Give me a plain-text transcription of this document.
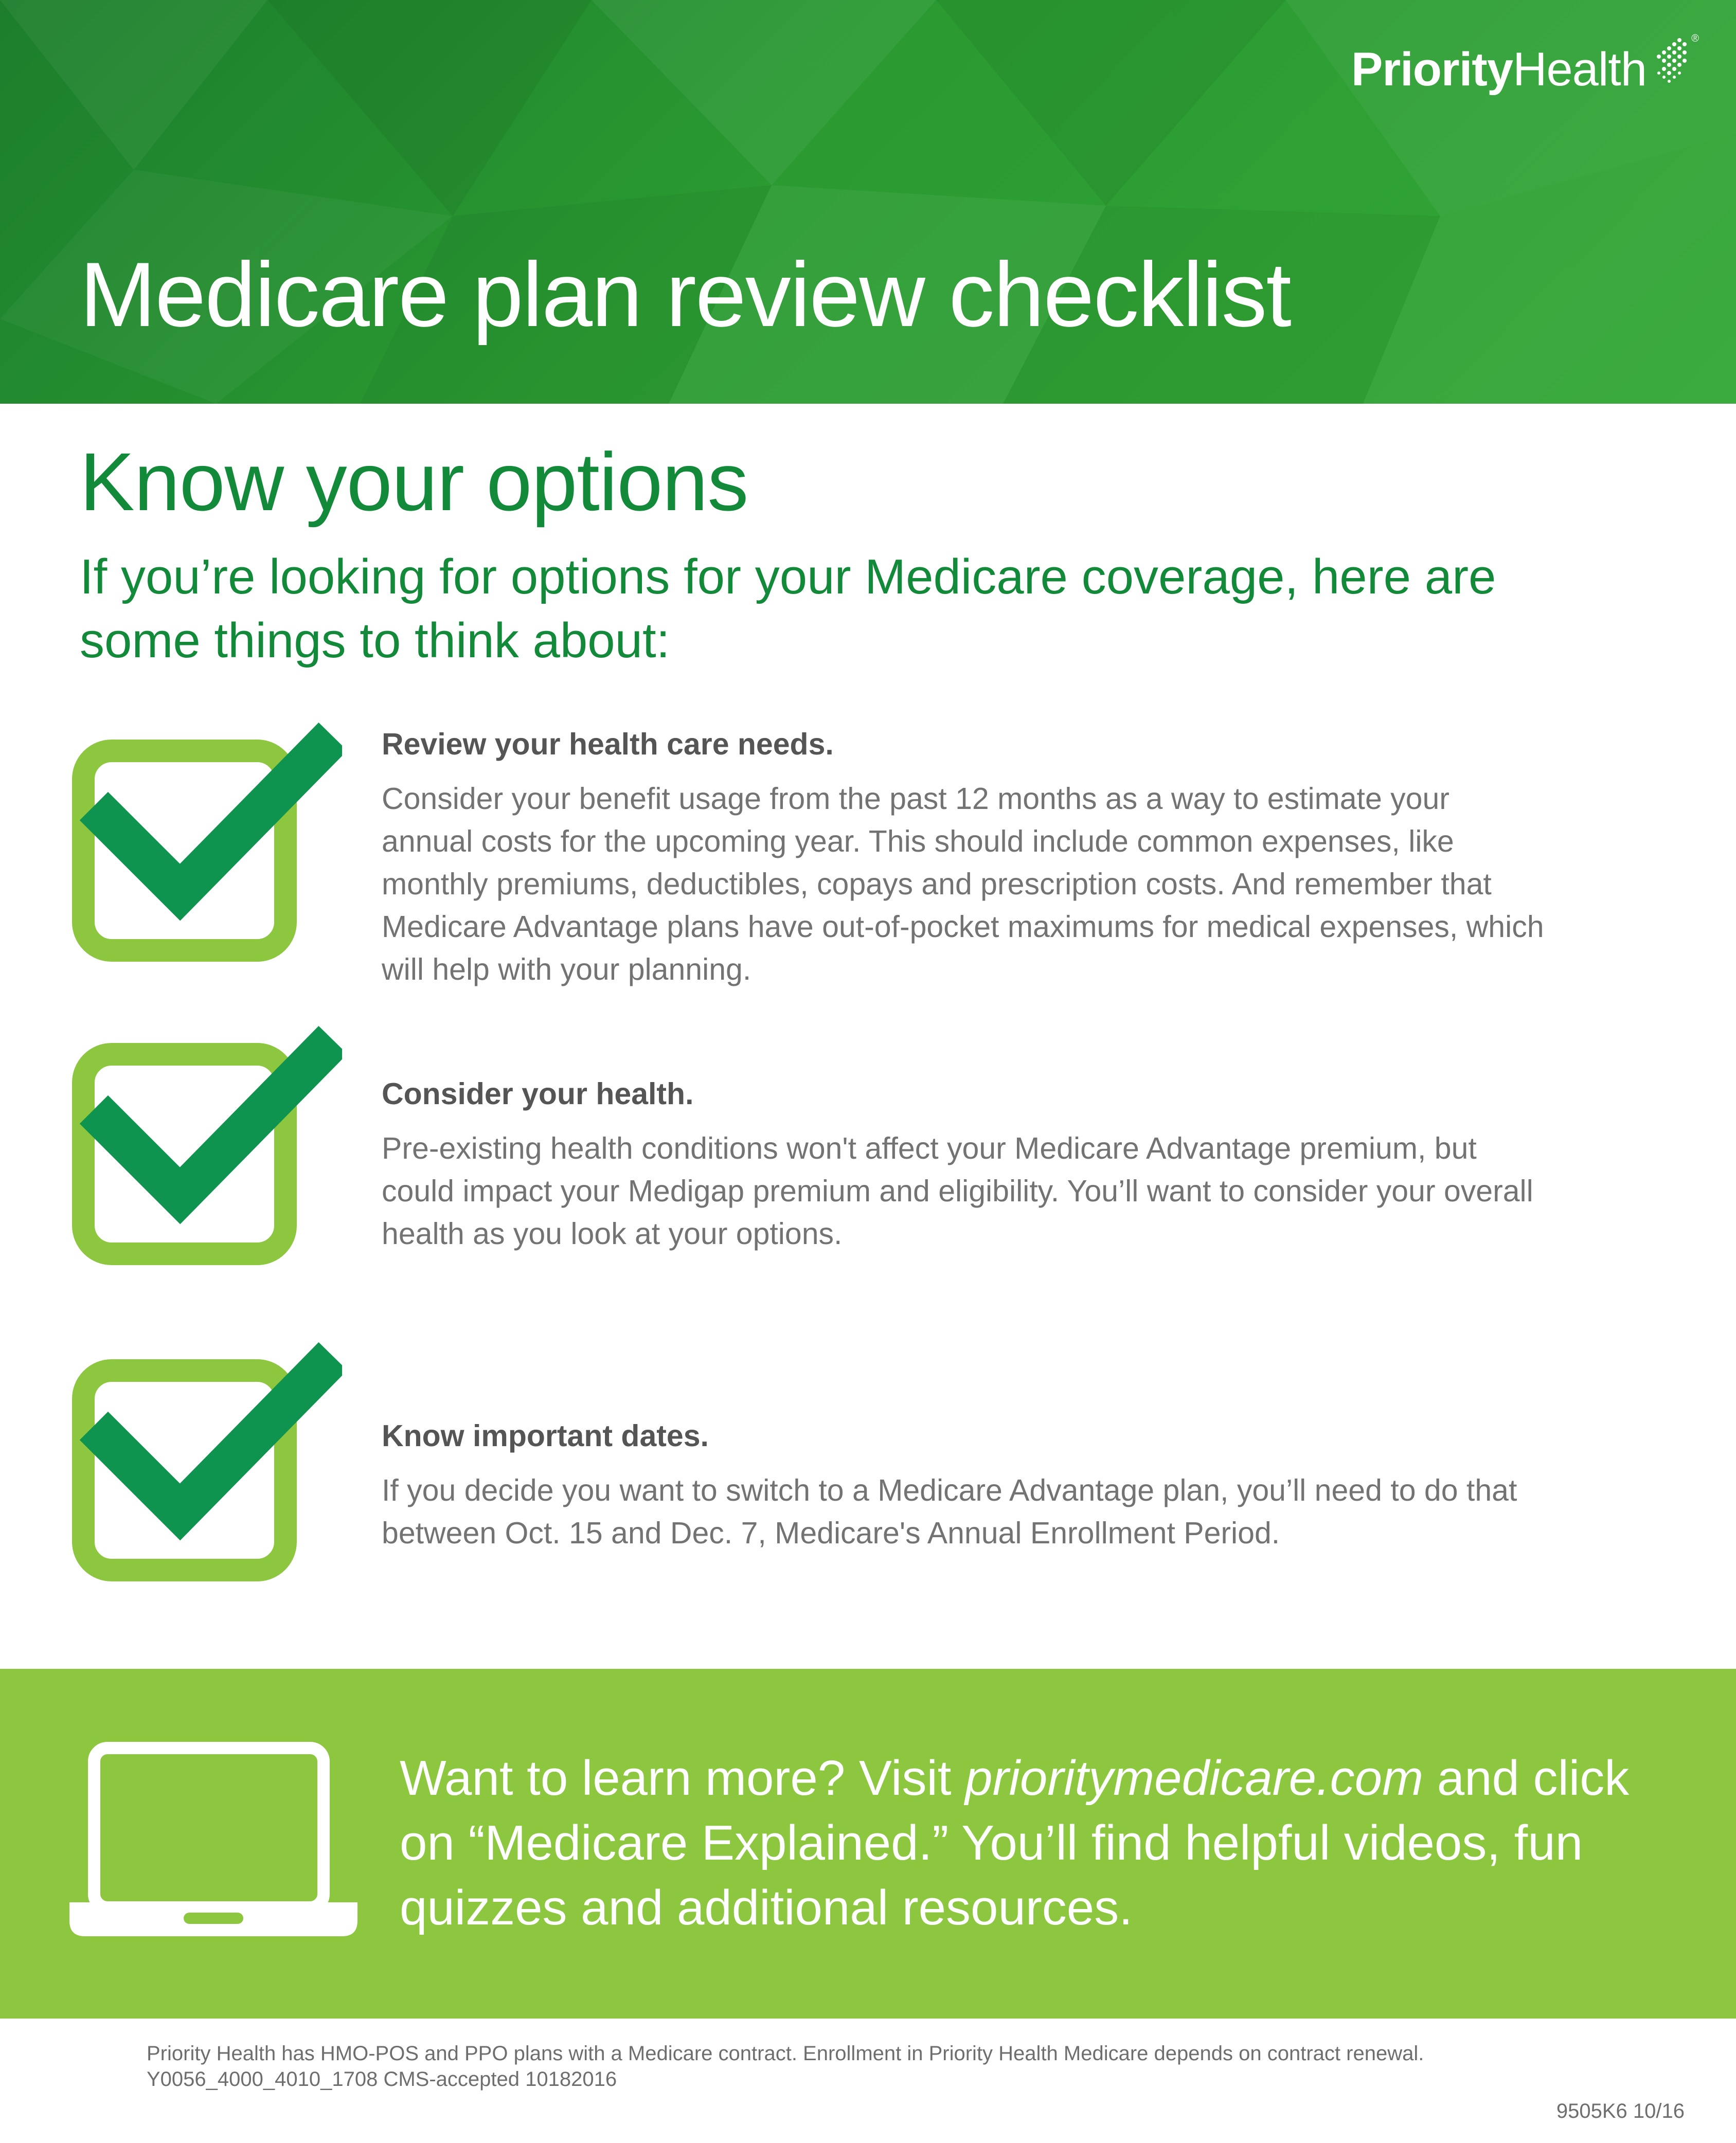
PriorityHealth
®
Medicare plan review checklist
Know your options

If you’re looking for options for your Medicare coverage, here are some things to think about:

Review your health care needs.

Consider your benefit usage from the past 12 months as a way to estimate your annual costs for the upcoming year. This should include common expenses, like monthly premiums, deductibles, copays and prescription costs. And remember that Medicare Advantage plans have out-of-pocket maximums for medical expenses, which will help with your planning.

Consider your health.

Pre-existing health conditions won't affect your Medicare Advantage premium, but could impact your Medigap premium and eligibility. You’ll want to consider your overall health as you look at your options.

Know important dates.

If you decide you want to switch to a Medicare Advantage plan, you’ll need to do that between Oct. 15 and Dec. 7, Medicare's Annual Enrollment Period.

Want to learn more? Visit prioritymedicare.com and click on “Medicare Explained.” You’ll find helpful videos, fun quizzes and additional resources.

Priority Health has HMO-POS and PPO plans with a Medicare contract. Enrollment in Priority Health Medicare depends on contract renewal.
Y0056_4000_4010_1708 CMS-accepted 10182016

9505K6 10/16
